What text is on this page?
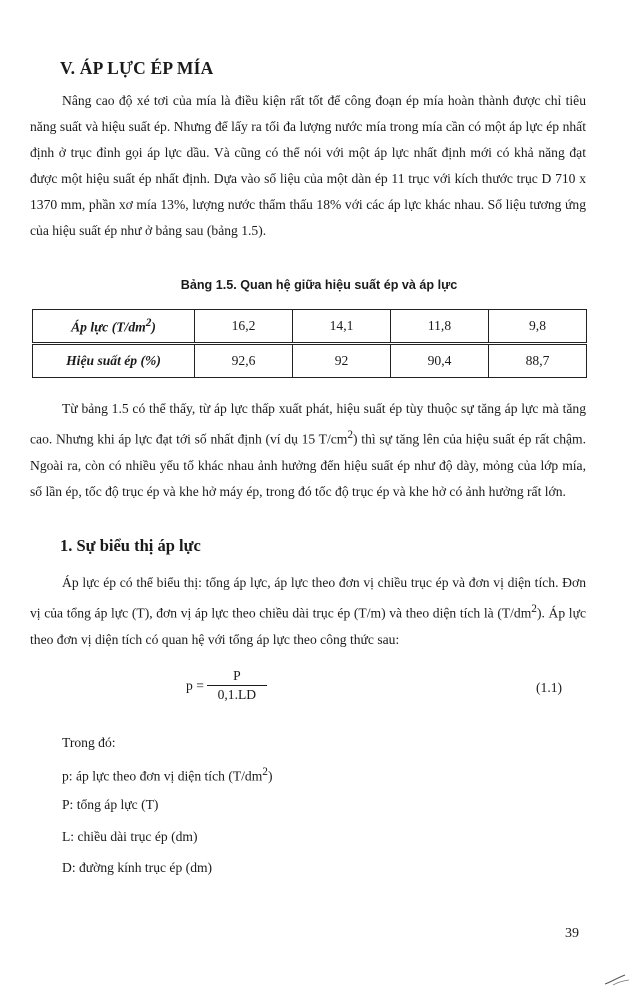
V. ÁP LỰC ÉP MÍA

Nâng cao độ xé tơi của mía là điều kiện rất tốt để công đoạn ép mía hoàn thành được chỉ tiêu năng suất và hiệu suất ép. Nhưng để lấy ra tối đa lượng nước mía trong mía cần có một áp lực ép nhất định ở trục đỉnh gọi áp lực dầu. Và cũng có thể nói với một áp lực nhất định mới có khả năng đạt được một hiệu suất ép nhất định. Dựa vào số liệu của một dàn ép 11 trục với kích thước trục D 710 x 1370 mm, phần xơ mía 13%, lượng nước thẩm thấu 18% với các áp lực khác nhau. Số liệu tương ứng của hiệu suất ép như ở bảng sau (bảng 1.5).

Bảng 1.5. Quan hệ giữa hiệu suất ép và áp lực

Áp lực $(T/dm^2)$	16,2	14,1	11,8	9,8
Hiệu suất ép (%)	92,6	92	90,4	88,7

Từ bảng 1.5 có thể thấy, từ áp lực thấp xuất phát, hiệu suất ép tùy thuộc sự tăng áp lực mà tăng cao. Nhưng khi áp lực đạt tới số nhất định (ví dụ 15 $T/cm^2$) thì sự tăng lên của hiệu suất ép rất chậm. Ngoài ra, còn có nhiều yếu tố khác nhau ảnh hưởng đến hiệu suất ép như độ dày, mỏng của lớp mía, số lần ép, tốc độ trục ép và khe hở máy ép, trong đó tốc độ trục ép và khe hở có ảnh hưởng rất lớn.

1. Sự biểu thị áp lực

Áp lực ép có thể biểu thị: tổng áp lực, áp lực theo đơn vị chiều trục ép và đơn vị diện tích. Đơn vị của tổng áp lực (T), đơn vị áp lực theo chiều dài trục ép (T/m) và theo diện tích là $(T/dm^2)$. Áp lực theo đơn vị diện tích có quan hệ với tổng áp lực theo công thức sau:

$p = \frac{P}{0,1.LD}$	(1.1)

Trong đó:

p: áp lực theo đơn vị diện tích $(T/dm^2)$

P: tổng áp lực (T)

L: chiều dài trục ép (dm)

D: đường kính trục ép (dm)

39
